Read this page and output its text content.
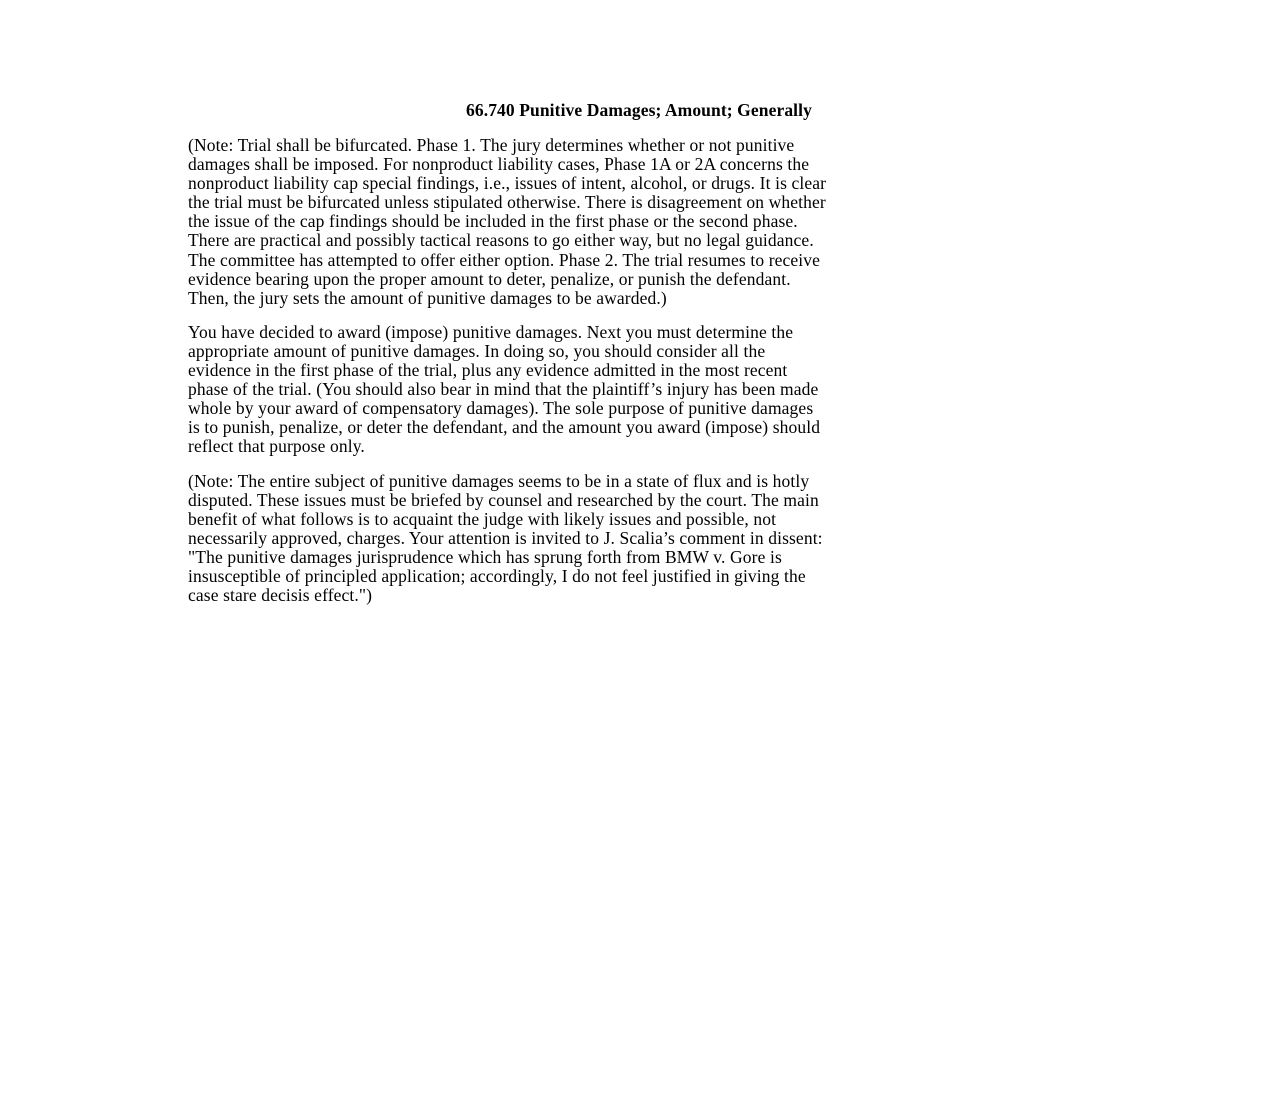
66.740 Punitive Damages; Amount; Generally

(Note: Trial shall be bifurcated. Phase 1. The jury determines whether or not punitive
damages shall be imposed. For nonproduct liability cases, Phase 1A or 2A concerns the
nonproduct liability cap special findings, i.e., issues of intent, alcohol, or drugs. It is clear
the trial must be bifurcated unless stipulated otherwise. There is disagreement on whether
the issue of the cap findings should be included in the first phase or the second phase.
There are practical and possibly tactical reasons to go either way, but no legal guidance.
The committee has attempted to offer either option. Phase 2. The trial resumes to receive
evidence bearing upon the proper amount to deter, penalize, or punish the defendant.
Then, the jury sets the amount of punitive damages to be awarded.)

You have decided to award (impose) punitive damages. Next you must determine the
appropriate amount of punitive damages. In doing so, you should consider all the
evidence in the first phase of the trial, plus any evidence admitted in the most recent
phase of the trial. (You should also bear in mind that the plaintiff’s injury has been made
whole by your award of compensatory damages). The sole purpose of punitive damages
is to punish, penalize, or deter the defendant, and the amount you award (impose) should
reflect that purpose only.

(Note: The entire subject of punitive damages seems to be in a state of flux and is hotly
disputed. These issues must be briefed by counsel and researched by the court. The main
benefit of what follows is to acquaint the judge with likely issues and possible, not
necessarily approved, charges. Your attention is invited to J. Scalia’s comment in dissent:
"The punitive damages jurisprudence which has sprung forth from BMW v. Gore is
insusceptible of principled application; accordingly, I do not feel justified in giving the
case stare decisis effect.")
